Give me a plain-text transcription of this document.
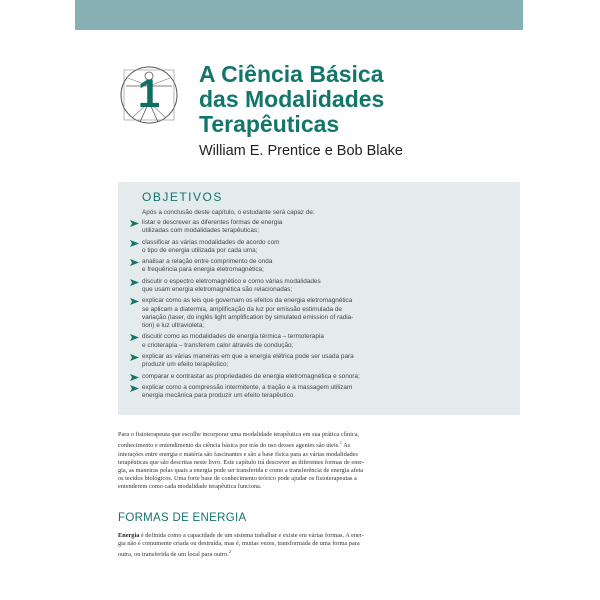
1	A Ciência Básica
das Modalidades
Terapêuticas
William E. Prentice e Bob Blake
OBJETIVOS
Após a conclusão deste capítulo, o estudante será capaz de:
listar e descrever as diferentes formas de energia
utilizadas com modalidades terapêuticas;
classificar as várias modalidades de acordo com
o tipo de energia utilizada por cada uma;
analisar a relação entre comprimento de onda
e frequência para energia eletromagnética;
discutir o espectro eletromagnético e como várias modalidades
que usam energia eletromagnética são relacionadas;
explicar como as leis que governam os efeitos da energia eletromagnética
se aplicam a diatermia, amplificação da luz por emissão estimulada de
variação (laser, do inglês light amplification by simulated emission of radia-
tion) e luz ultravioleta;
discutir como as modalidades de energia térmica – termoterapia
e crioterapia – transferem calor através de condução;
explicar as várias maneiras em que a energia elétrica pode ser usada para
produzir um efeito terapêutico;
comparar e contrastar as propriedades de energia eletromagnética e sonora;
explicar como a compressão intermitente, a tração e a massagem utilizam
energia mecânica para produzir um efeito terapêutico.
Para o fisioterapeuta que escolhe incorporar uma modalidade terapêutica em sua prática clínica,
conhecimento e entendimento da ciência básica por trás do uso desses agentes são úteis.$^1$ As
interações entre energia e matéria são fascinantes e são a base física para as várias modalidades
terapêuticas que são descritas neste livro. Este capítulo irá descrever as diferentes formas de ener-
gia, as maneiras pelas quais a energia pode ser transferida e como a transferência de energia afeta
os tecidos biológicos. Uma forte base de conhecimento teórico pode ajudar os fisioterapeutas a
entenderem como cada modalidade terapêutica funciona.
FORMAS DE ENERGIA
Energia é definida como a capacidade de um sistema trabalhar e existe em várias formas. A ener-
gia não é comumente criada ou destruída, mas é, muitas vezes, transformada de uma forma para
outra, ou transferida de um local para outro.$^2$
